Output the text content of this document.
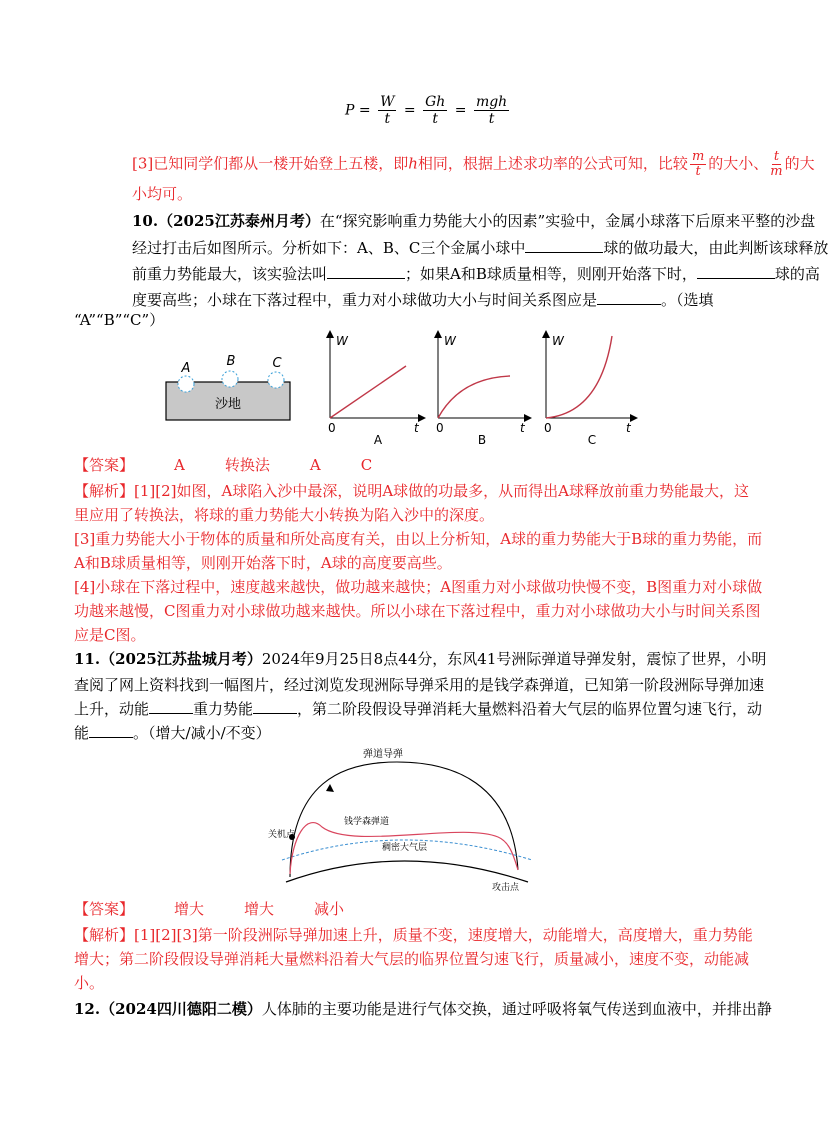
$P = \frac{W}{t} = \frac{Gh}{t} = \frac{\text{mgh}}{t}$
[3]已知同学们都从一楼开始登上五楼，即h相同，根据上述求功率的公式可知，比较 $\frac{m}{t}$ 的大小、 $\frac{t}{m}$ 的大
小均可。
10.（2025江苏泰州月考）在“探究影响重力势能大小的因素”实验中，金属小球落下后原来平整的沙盘
经过打击后如图所示。分析如下：A、B、C三个金属小球中	球的做功最大，由此判断该球释放
前重力势能最大，该实验法叫	；如果A和B球质量相等，则刚开始落下时，	球的高
度要高些；小球在下落过程中，重力对小球做功大小与时间关系图应是	。（选填
“A”“B”“C”）
沙地
A	B	C
W
0	t
A
W
0	t
B
W
0	t
C
【答案】	A	转换法	A	C
【解析】[1][2]如图，A球陷入沙中最深，说明A球做的功最多，从而得出A球释放前重力势能最大，这
里应用了转换法，将球的重力势能大小转换为陷入沙中的深度。
[3]重力势能大小于物体的质量和所处高度有关，由以上分析知，A球的重力势能大于B球的重力势能，而
A和B球质量相等，则刚开始落下时，A球的高度要高些。
[4]小球在下落过程中，速度越来越快，做功越来越快；A图重力对小球做功快慢不变，B图重力对小球做
功越来越慢，C图重力对小球做功越来越快。所以小球在下落过程中，重力对小球做功大小与时间关系图
应是C图。
11.（2025江苏盐城月考）2024年9月25日8点44分，东风41号洲际弹道导弹发射，震惊了世界，小明
查阅了网上资料找到一幅图片，经过浏览发现洲际导弹采用的是钱学森弹道，已知第一阶段洲际导弹加速
上升，动能	重力势能	，第二阶段假设导弹消耗大量燃料沿着大气层的临界位置匀速飞行，动
能	。（增大/减小/不变）
弹道导弹
关机点
钱学森弹道
稠密大气层
攻击点
【答案】	增大	增大	减小
【解析】[1][2][3]第一阶段洲际导弹加速上升，质量不变，速度增大，动能增大，高度增大，重力势能
增大；第二阶段假设导弹消耗大量燃料沿着大气层的临界位置匀速飞行，质量减小，速度不变，动能减
小。
12.（2024四川德阳二模）人体肺的主要功能是进行气体交换，通过呼吸将氧气传送到血液中，并排出静
